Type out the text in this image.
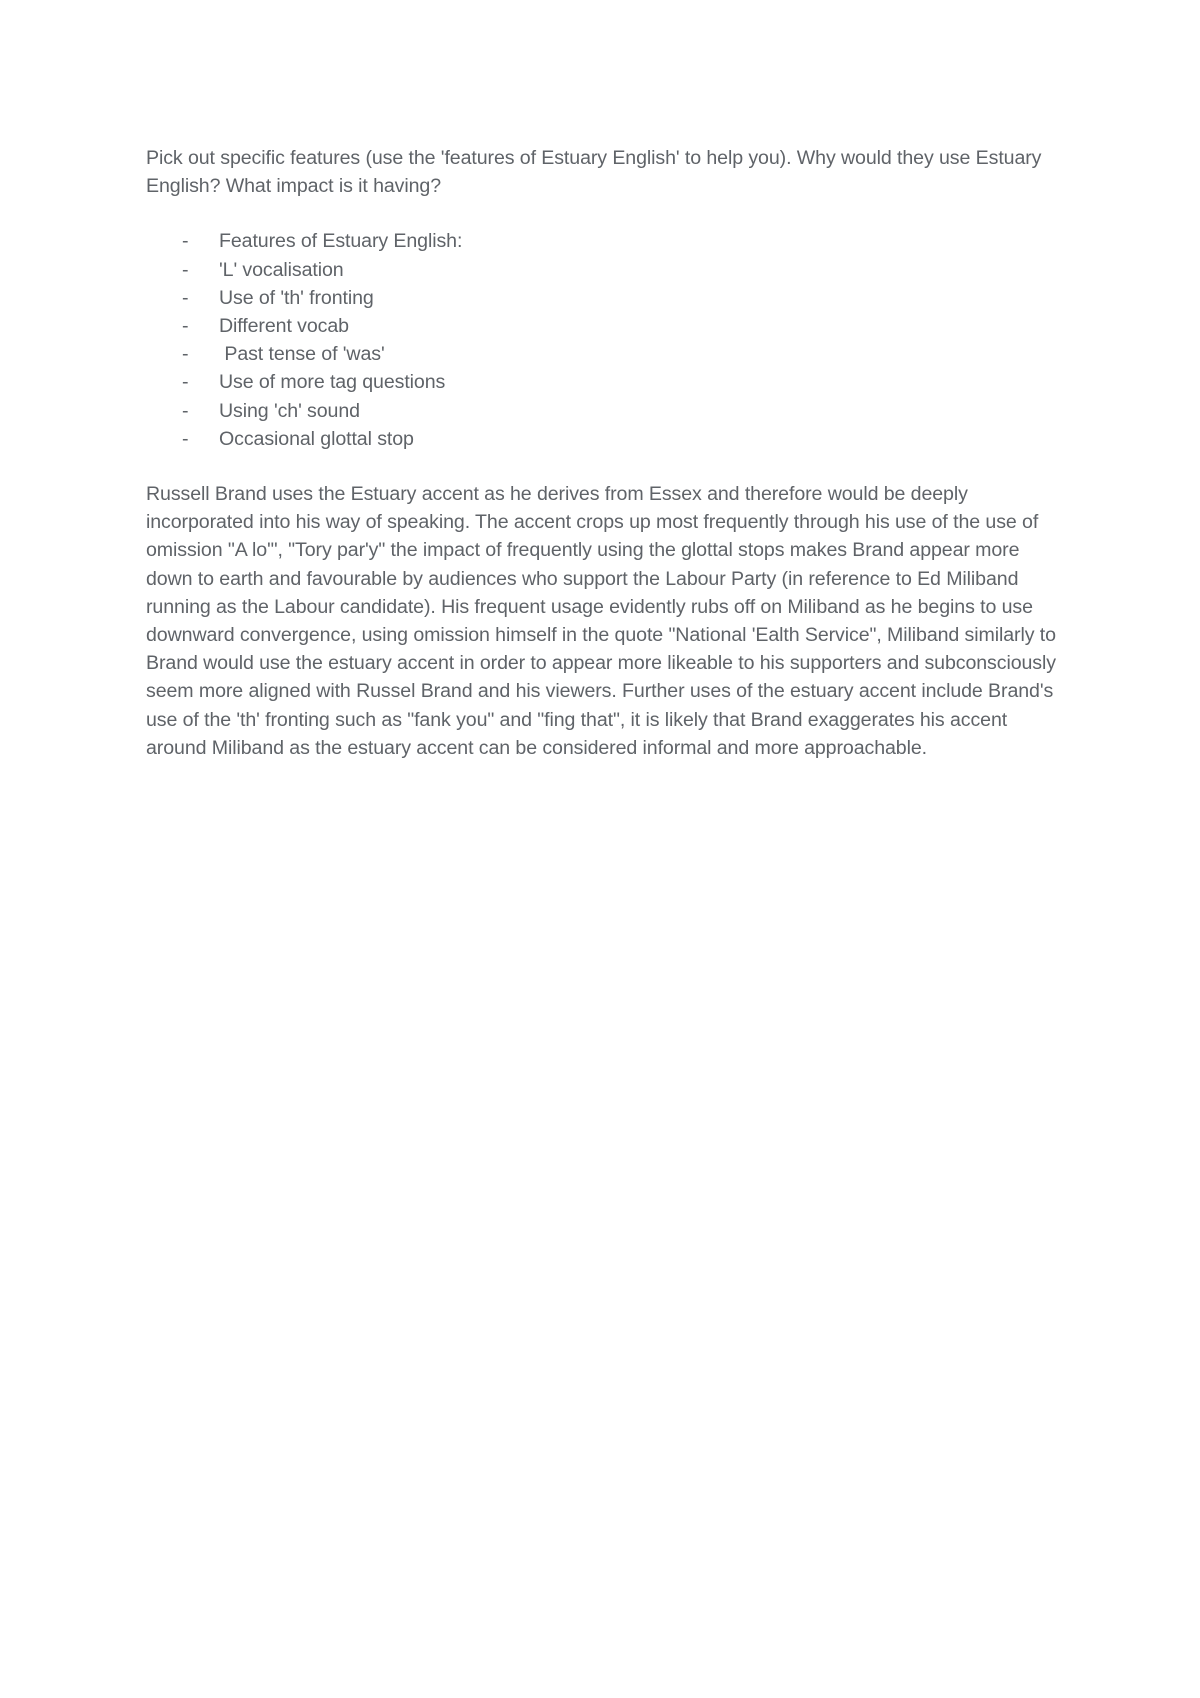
Pick out specific features (use the 'features of Estuary English' to help you). Why would they use Estuary English? What impact is it having?

- Features of Estuary English:
- 'L' vocalisation
- Use of 'th' fronting
- Different vocab
- Past tense of 'was'
- Use of more tag questions
- Using 'ch' sound
- Occasional glottal stop

Russell Brand uses the Estuary accent as he derives from Essex and therefore would be deeply incorporated into his way of speaking. The accent crops up most frequently through his use of the use of omission "A lo'", "Tory par'y" the impact of frequently using the glottal stops makes Brand appear more down to earth and favourable by audiences who support the Labour Party (in reference to Ed Miliband running as the Labour candidate). His frequent usage evidently rubs off on Miliband as he begins to use downward convergence, using omission himself in the quote "National 'Ealth Service", Miliband similarly to Brand would use the estuary accent in order to appear more likeable to his supporters and subconsciously seem more aligned with Russel Brand and his viewers. Further uses of the estuary accent include Brand's use of the 'th' fronting such as "fank you" and "fing that", it is likely that Brand exaggerates his accent around Miliband as the estuary accent can be considered informal and more approachable.
